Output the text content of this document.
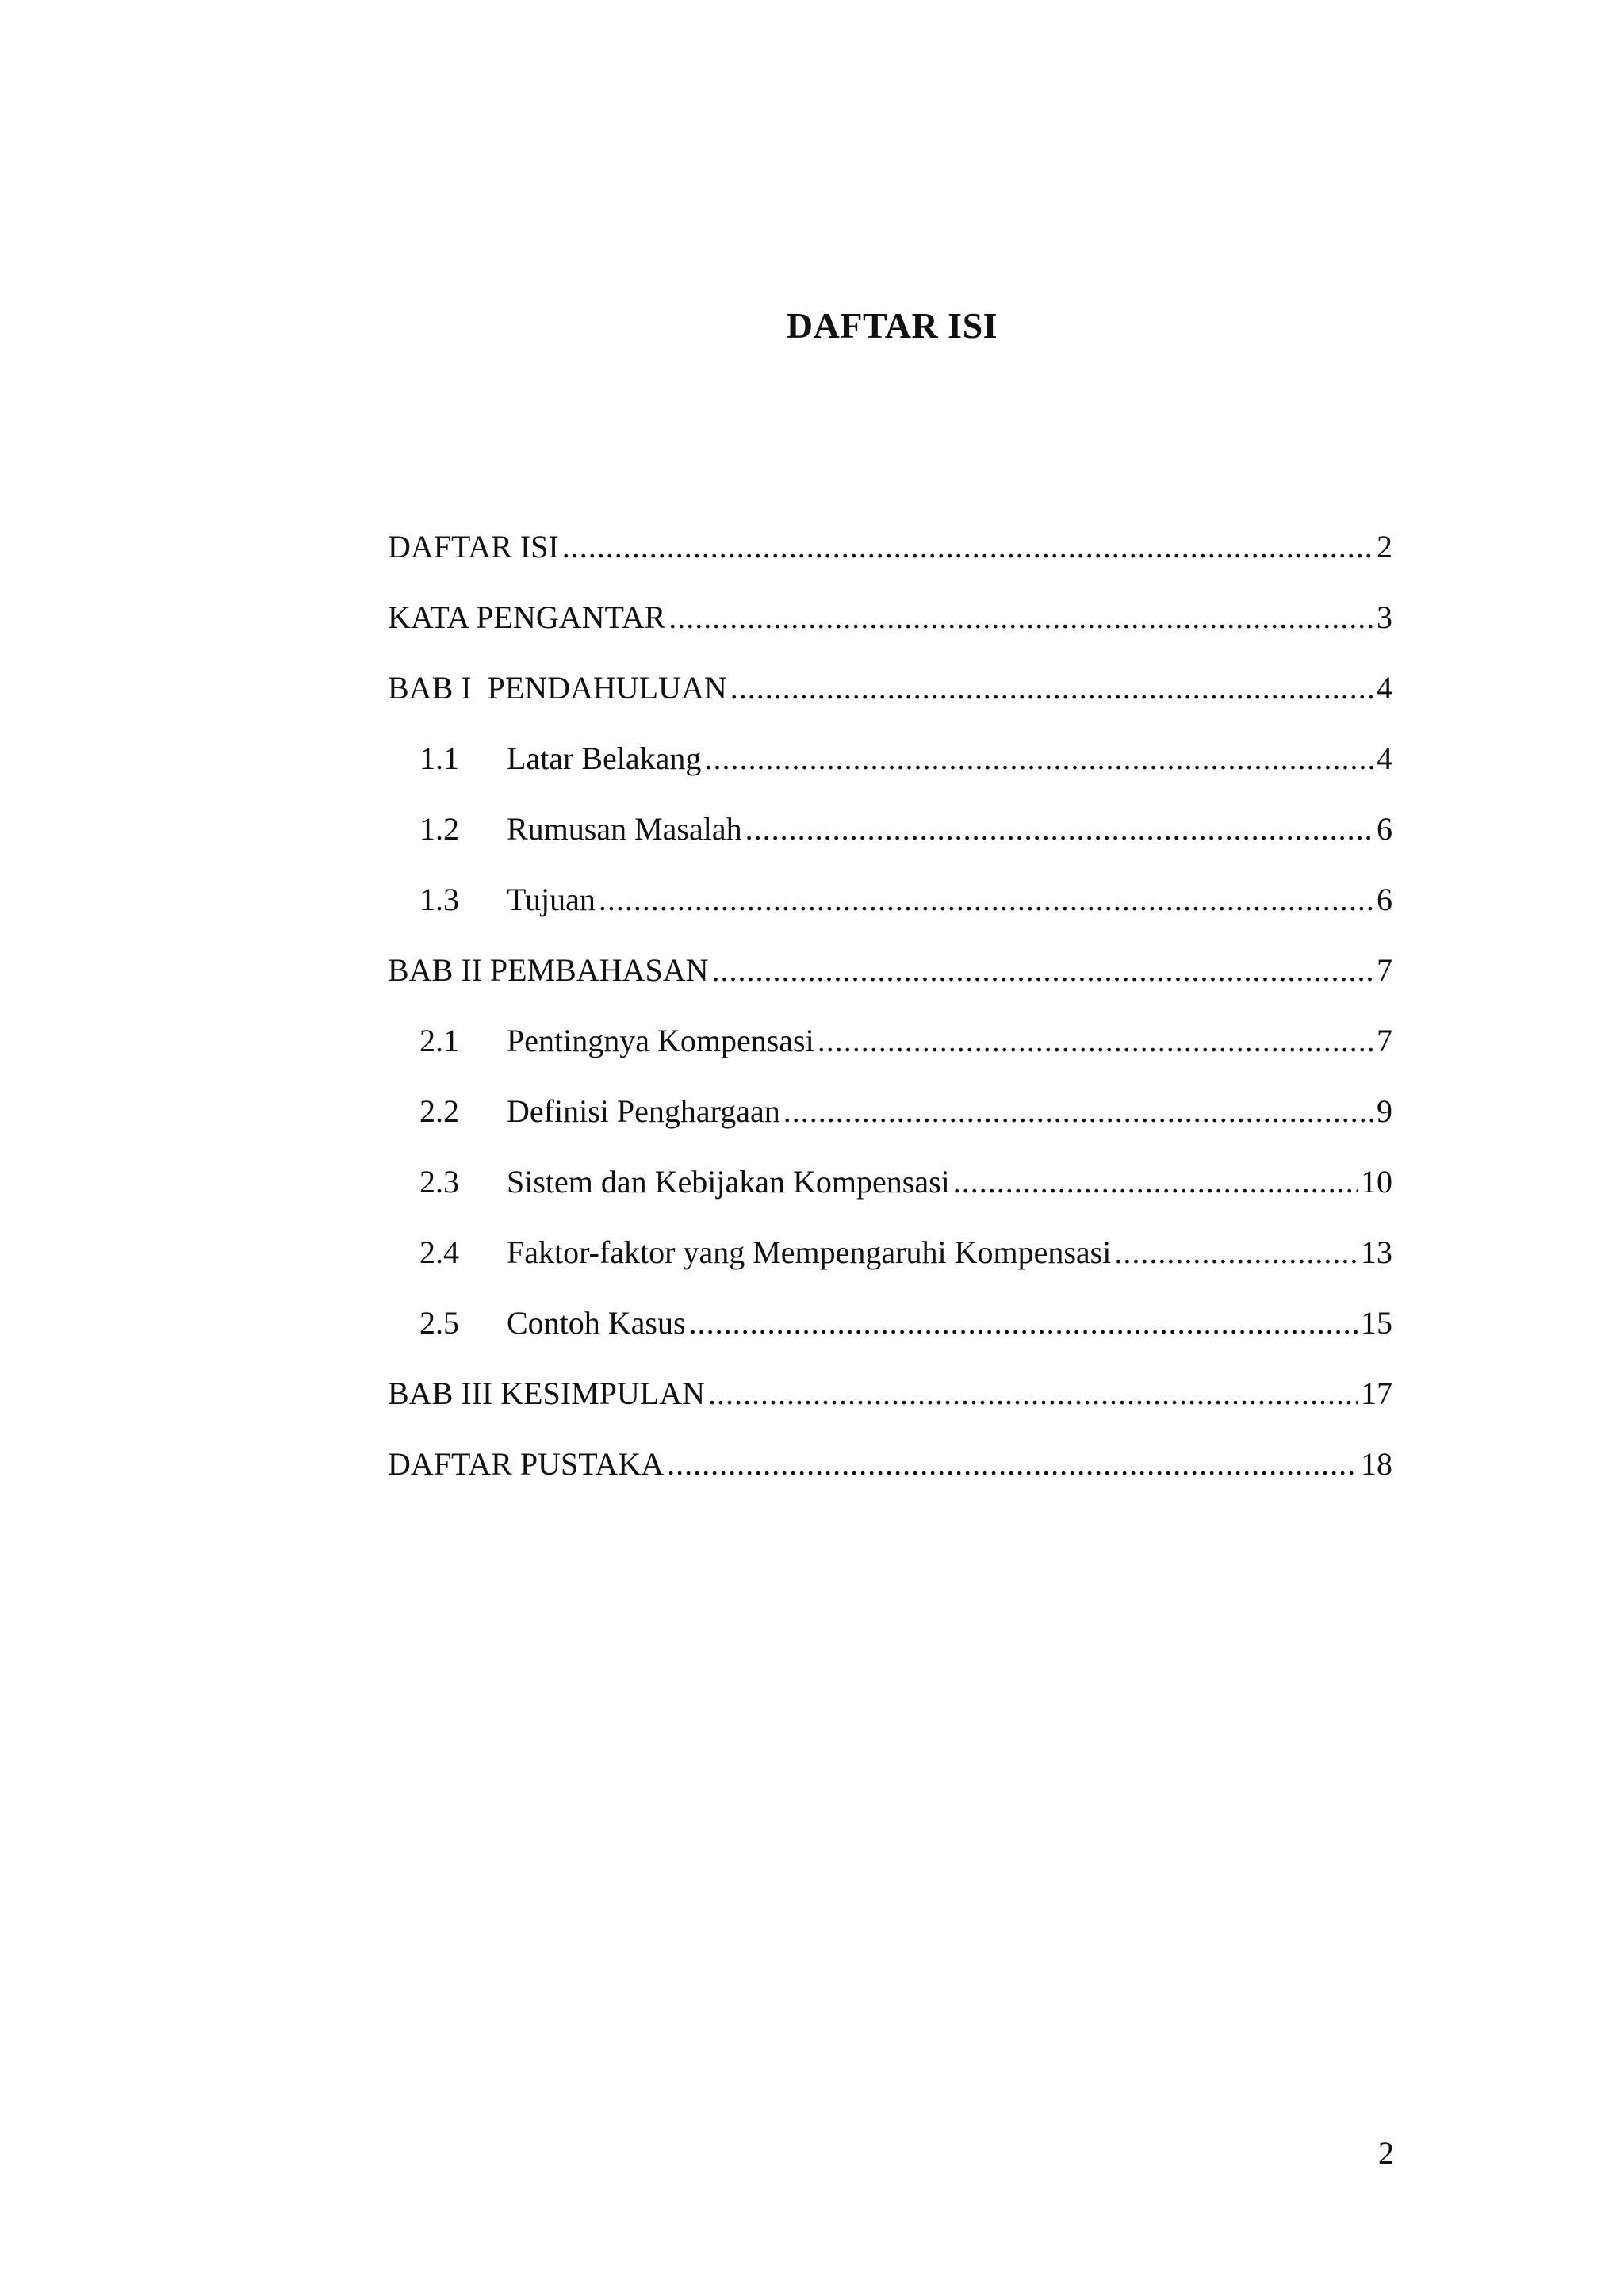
DAFTAR ISI
DAFTAR ISI .....	2
KATA PENGANTAR .....	3
BAB I  PENDAHULUAN .....	4
1.1	Latar Belakang .....	4
1.2	Rumusan Masalah .....	6
1.3	Tujuan .....	6
BAB II PEMBAHASAN .....	7
2.1	Pentingnya Kompensasi .....	7
2.2	Definisi Penghargaan .....	9
2.3	Sistem dan Kebijakan Kompensasi .....	10
2.4	Faktor-faktor yang Mempengaruhi Kompensasi .....	13
2.5	Contoh Kasus .....	15
BAB III KESIMPULAN .....	17
DAFTAR PUSTAKA .....	18
2
